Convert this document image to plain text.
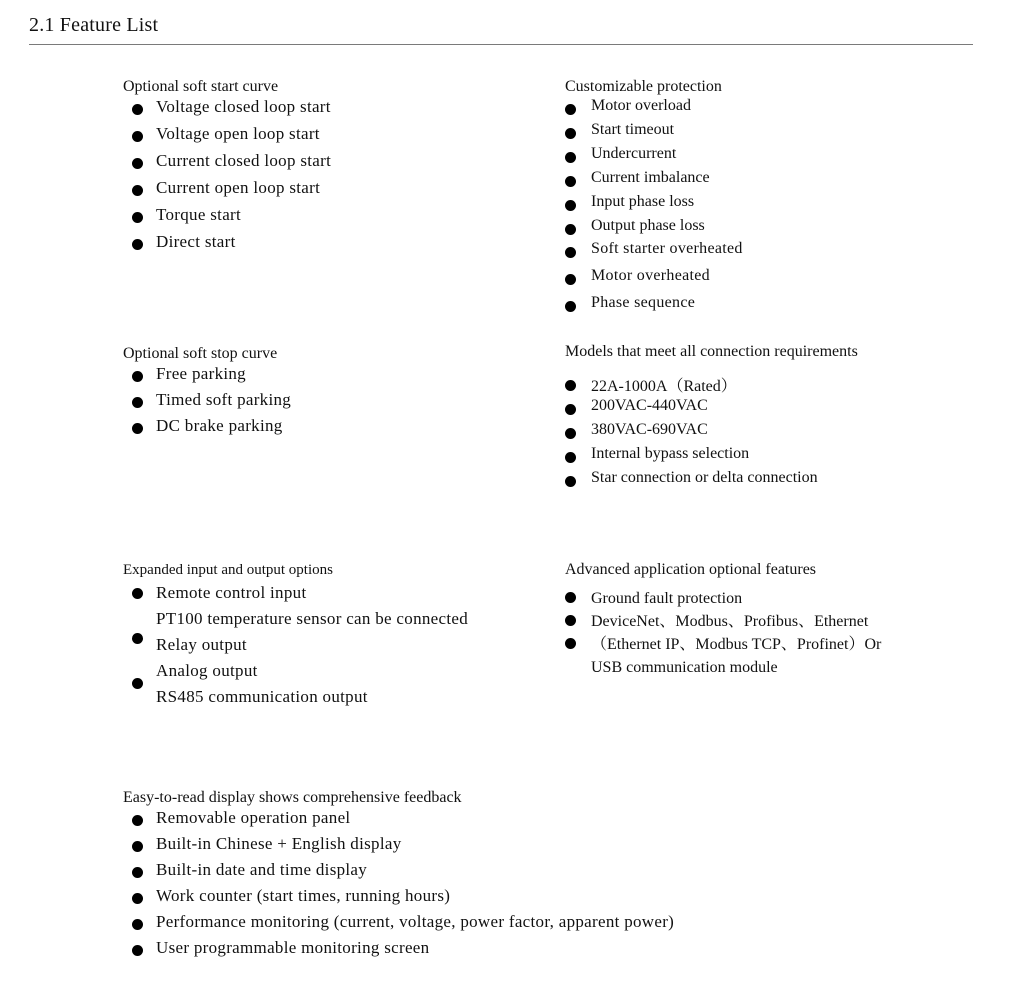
2.1 Feature List
Optional soft start curve
Voltage closed loop start
Voltage open loop start
Current closed loop start
Current open loop start
Torque start
Direct start
Customizable protection
Motor overload
Start timeout
Undercurrent
Current imbalance
Input phase loss
Output phase loss
Soft starter overheated
Motor overheated
Phase sequence
Optional soft stop curve
Free parking
Timed soft parking
DC brake parking
Models that meet all connection requirements
22A-1000A（Rated）
200VAC-440VAC
380VAC-690VAC
Internal bypass selection
Star connection or delta connection
Expanded input and output options
Remote control input
PT100 temperature sensor can be connected
Relay output
Analog output
RS485 communication output
Advanced application optional features
Ground fault protection
DeviceNet、Modbus、Profibus、Ethernet
（Ethernet IP、Modbus TCP、Profinet）Or
USB communication module
Easy-to-read display shows comprehensive feedback
Removable operation panel
Built-in Chinese + English display
Built-in date and time display
Work counter (start times, running hours)
Performance monitoring (current, voltage, power factor, apparent power)
User programmable monitoring screen
